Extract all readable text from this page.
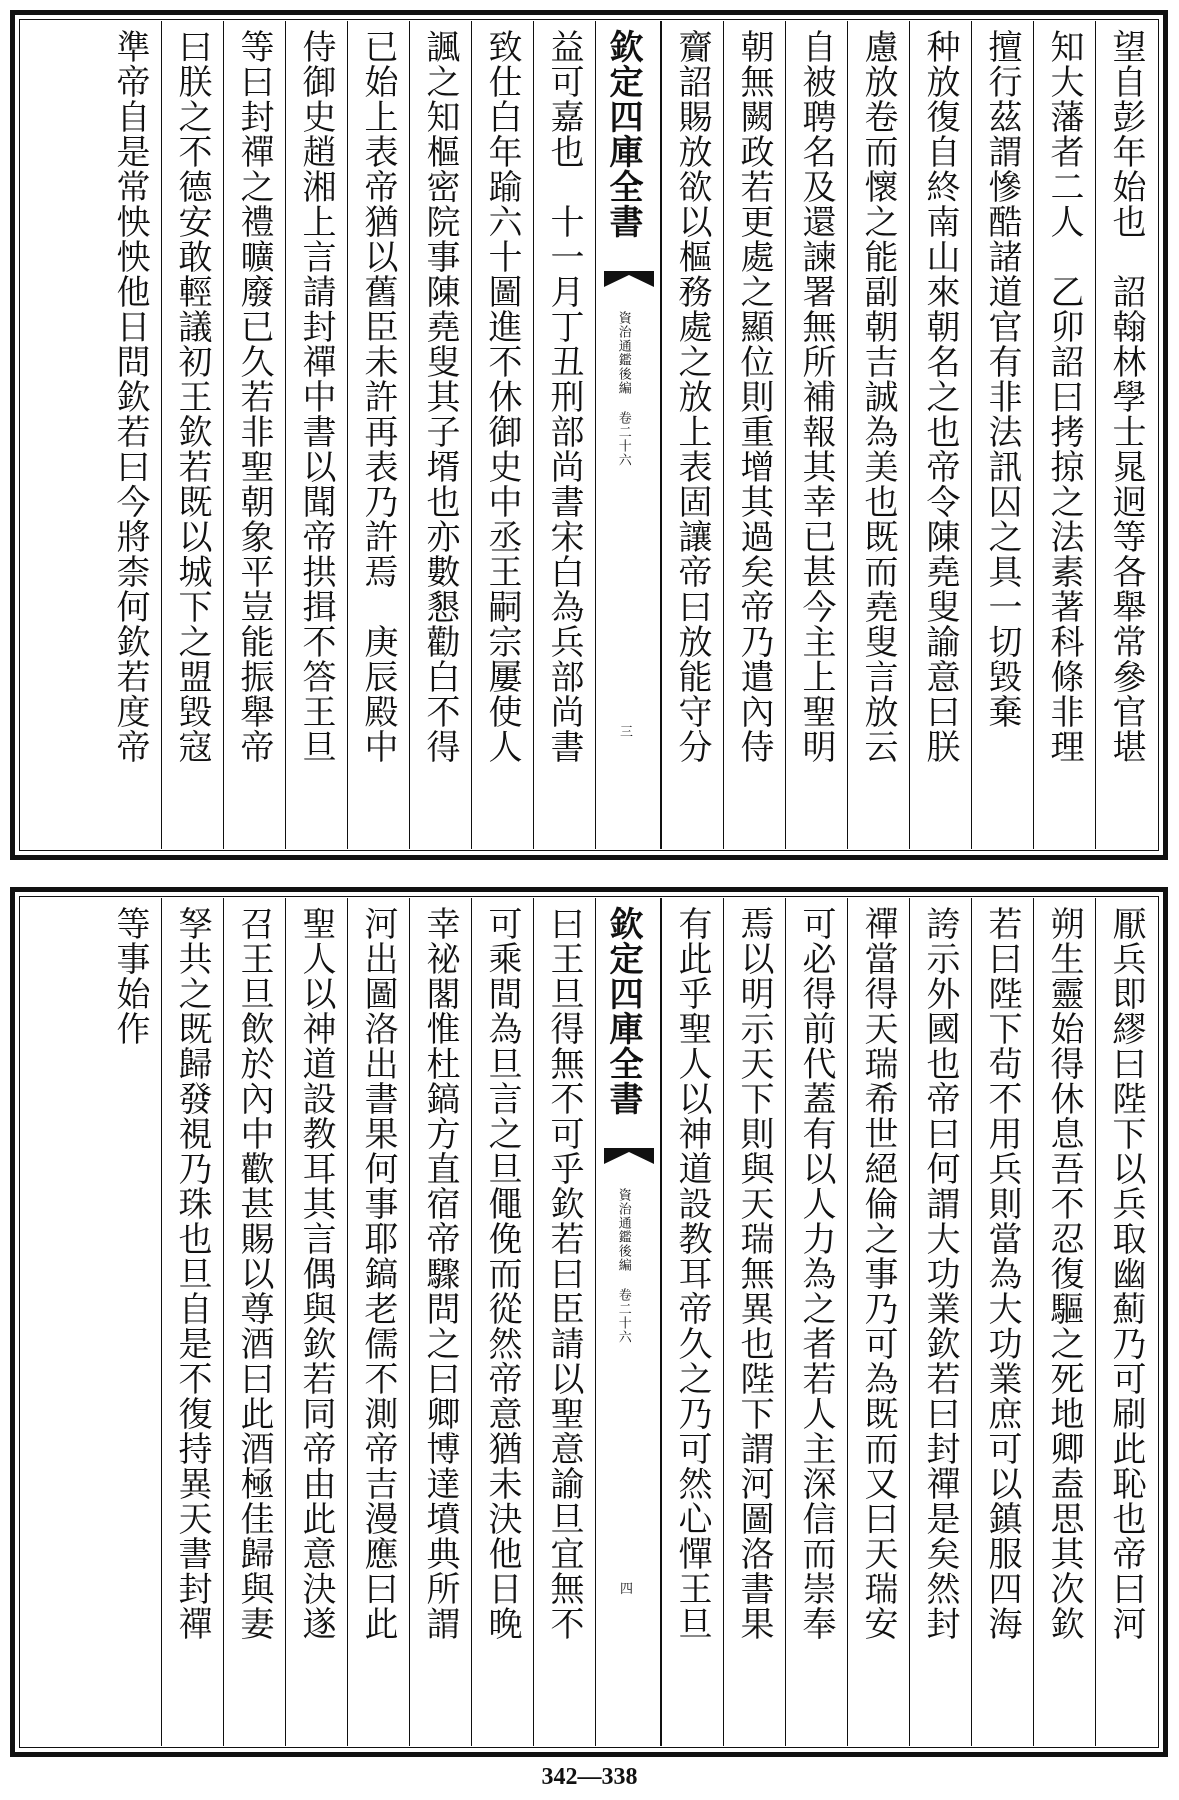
望自彭年始也　詔翰林學士晁迥等各舉常參官堪
知大藩者二人　乙卯詔曰拷掠之法素著科條非理
擅行茲謂慘酷諸道官有非法訊囚之具一切毀棄
种放復自終南山來朝名之也帝令陳堯叟諭意曰朕
慮放卷而懷之能副朝吉誠為美也既而堯叟言放云
自被聘名及還諫署無所補報其幸已甚今主上聖明
朝無闕政若更處之顯位則重增其過矣帝乃遣內侍
齎詔賜放欲以樞務處之放上表固讓帝曰放能守分
欽定四庫全書
資治通鑑後編 卷二十六
三
益可嘉也　十一月丁丑刑部尚書宋白為兵部尚書
致仕白年踰六十圖進不休御史中丞王嗣宗屢使人
諷之知樞密院事陳堯叟其子壻也亦數懇勸白不得
已始上表帝猶以舊臣未許再表乃許焉　庚辰殿中
侍御史趙湘上言請封禪中書以聞帝拱揖不答王旦
等曰封禪之禮曠廢已久若非聖朝象平豈能振舉帝
曰朕之不德安敢輕議初王欽若既以城下之盟毀寇
準帝自是常怏怏他日問欽若曰今將柰何欽若度帝
厭兵即繆曰陛下以兵取幽薊乃可刷此恥也帝曰河
朔生靈始得休息吾不忍復驅之死地卿盍思其次欽
若曰陛下茍不用兵則當為大功業庶可以鎮服四海
誇示外國也帝曰何謂大功業欽若曰封禪是矣然封
禪當得天瑞希世絕倫之事乃可為既而又曰天瑞安
可必得前代蓋有以人力為之者若人主深信而崇奉
焉以明示天下則與天瑞無異也陛下謂河圖洛書果
有此乎聖人以神道設教耳帝久之乃可然心憚王旦
欽定四庫全書
資治通鑑後編 卷二十六
四
曰王旦得無不可乎欽若曰臣請以聖意諭旦宜無不
可乘間為旦言之旦僶俛而從然帝意猶未決他日晚
幸祕閣惟杜鎬方直宿帝驟問之曰卿博達墳典所謂
河出圖洛出書果何事耶鎬老儒不測帝吉漫應曰此
聖人以神道設教耳其言偶與欽若同帝由此意決遂
召王旦飲於內中歡甚賜以尊酒曰此酒極佳歸與妻
孥共之既歸發視乃珠也旦自是不復持異天書封禪
等事始作
342—338
